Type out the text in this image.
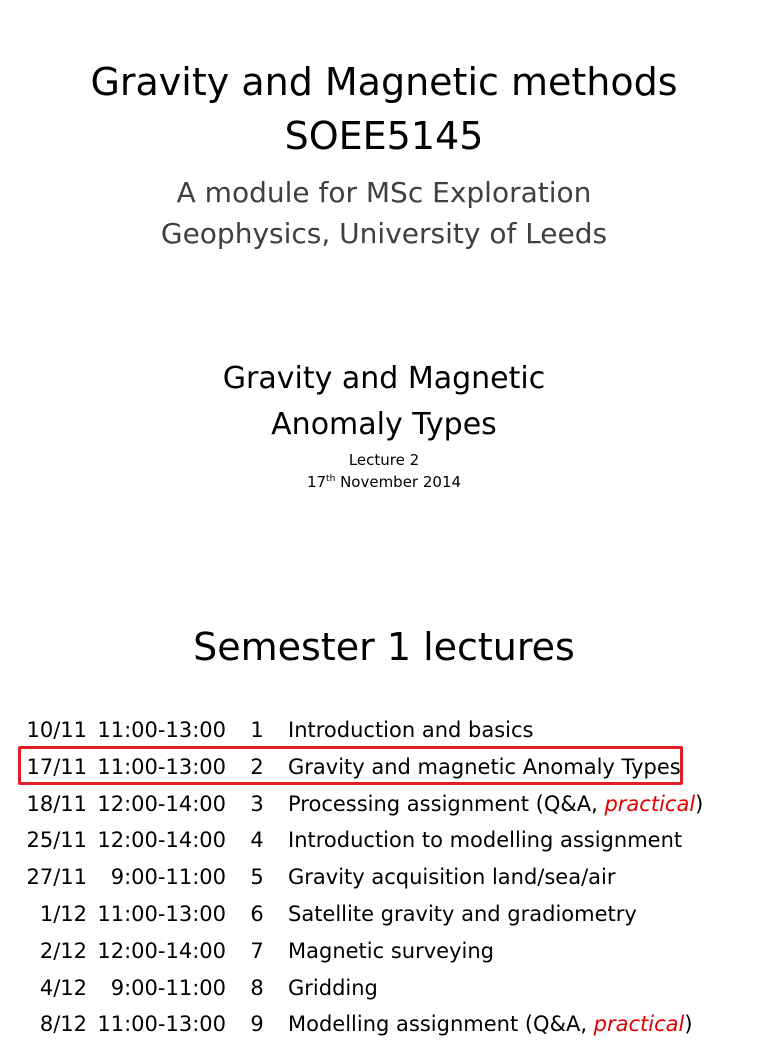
Gravity and Magnetic methods
SOEE5145
A module for MSc Exploration
Geophysics, University of Leeds
Gravity and Magnetic
Anomaly Types
Lecture 2
17th November 2014
Semester 1 lectures
10/11 11:00-13:00	1	Introduction and basics
17/11 11:00-13:00	2	Gravity and magnetic Anomaly Types
18/11 12:00-14:00	3	Processing assignment (Q&A, practical)
25/11 12:00-14:00	4	Introduction to modelling assignment
27/11 9:00-11:00	5	Gravity acquisition land/sea/air
1/12 11:00-13:00	6	Satellite gravity and gradiometry
2/12 12:00-14:00	7	Magnetic surveying
4/12 9:00-11:00	8	Gridding
8/12 11:00-13:00	9	Modelling assignment (Q&A, practical)
